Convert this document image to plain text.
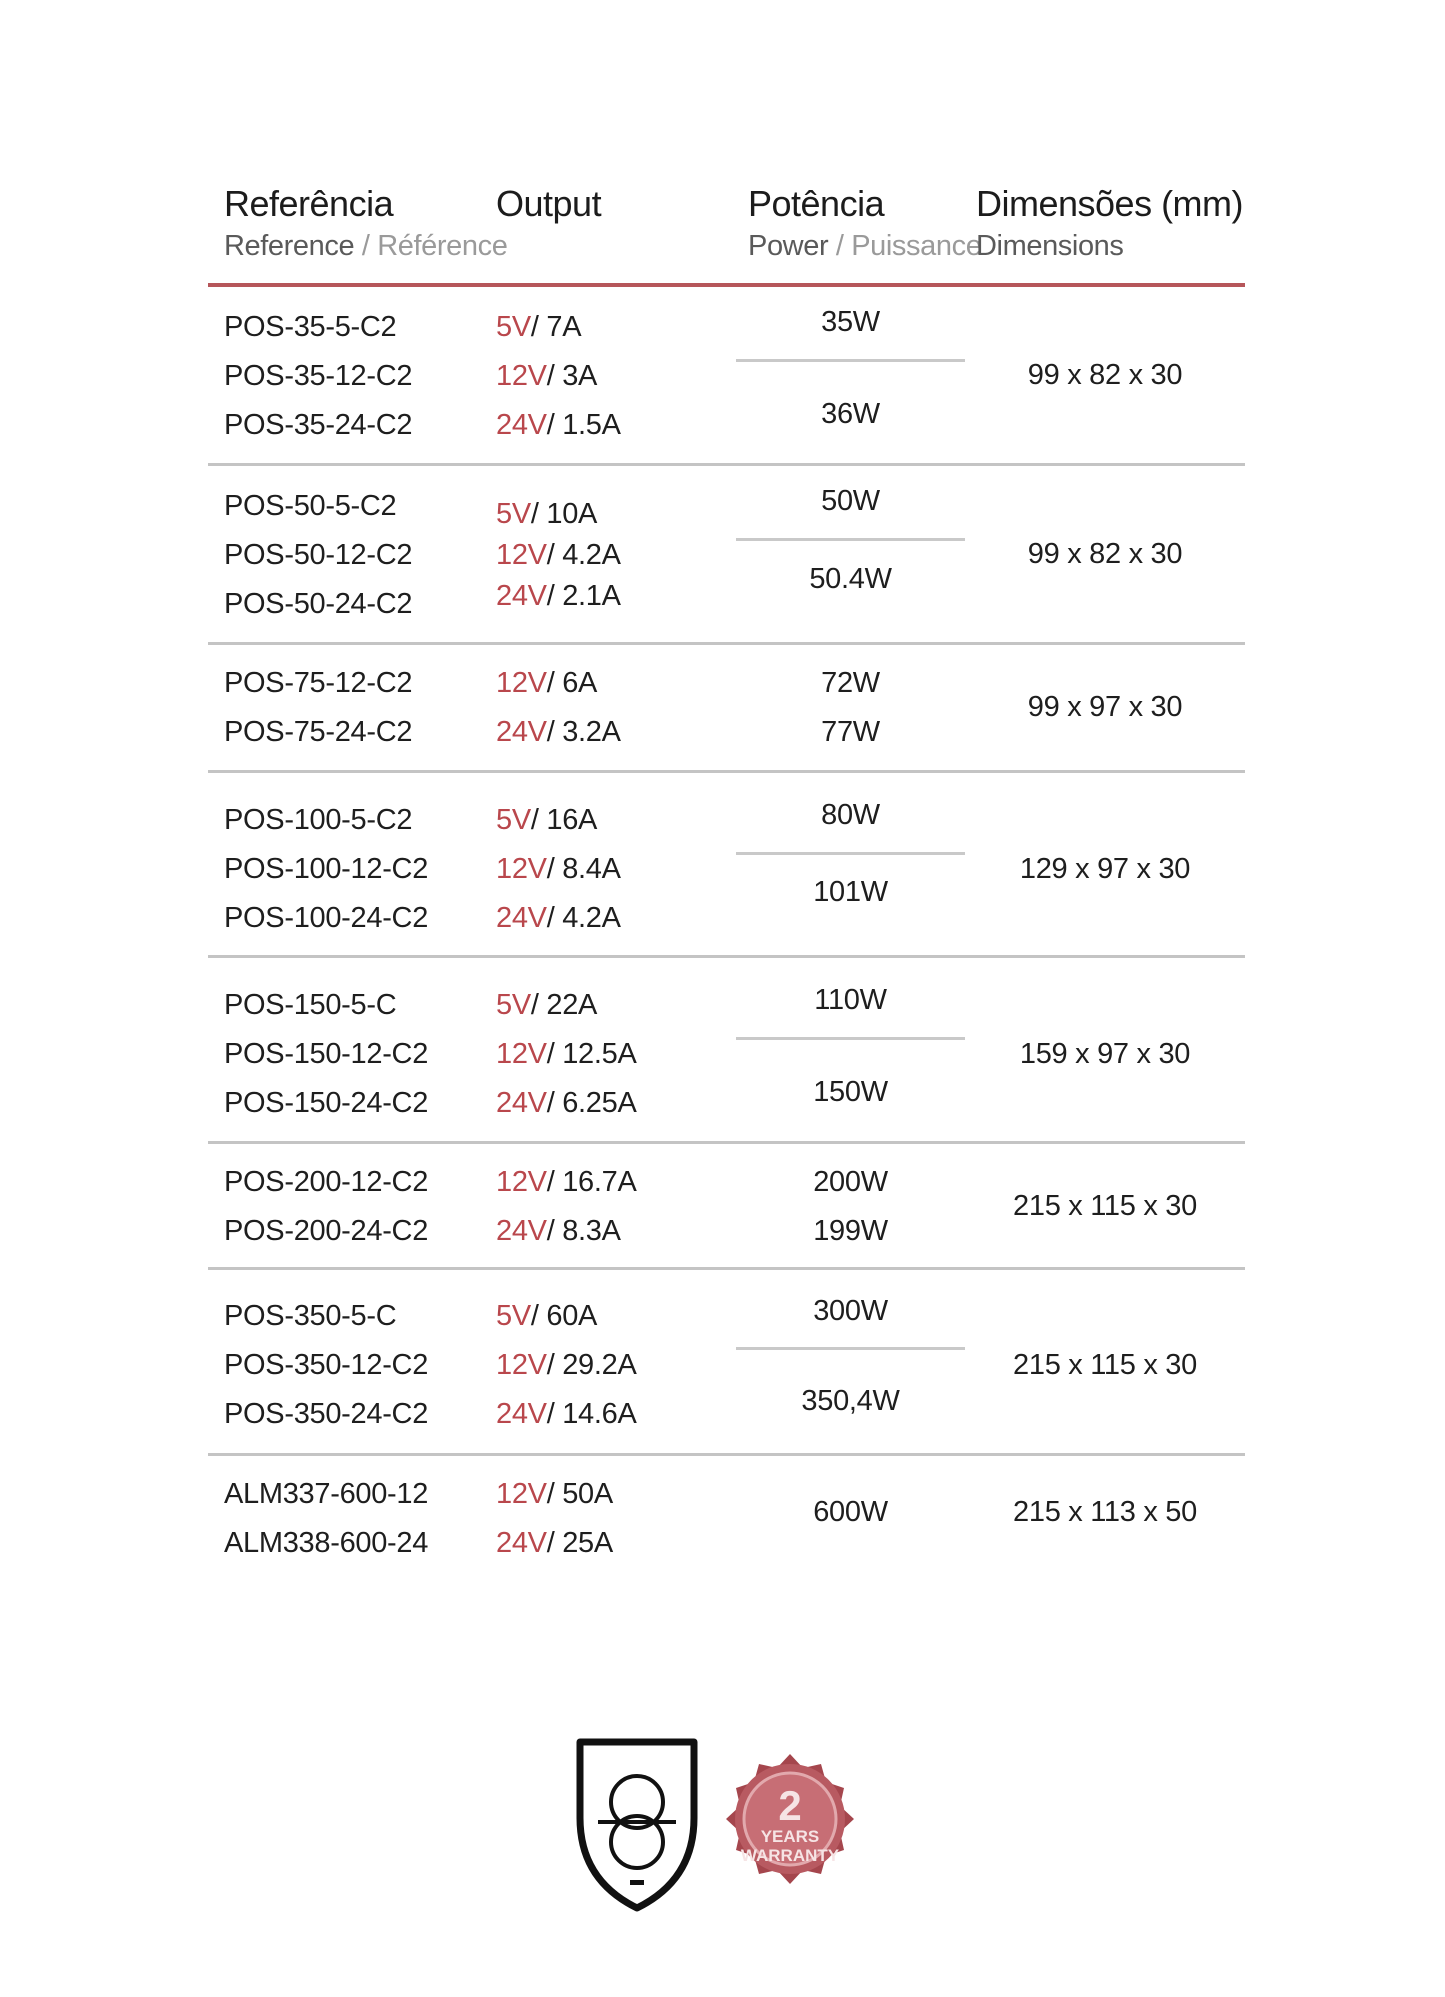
Referência
Reference / Référence
Output	Potência
Power / Puissance
Dimensões (mm)
Dimensions
POS-35-5-C2
POS-35-12-C2
POS-35-24-C2
5V/ 7A
12V/ 3A
24V/ 1.5A
35W
36W
99 x 82 x 30
POS-50-5-C2
POS-50-12-C2
POS-50-24-C2
5V/ 10A
12V/ 4.2A
24V/ 2.1A
50W
50.4W
99 x 82 x 30
POS-75-12-C2
POS-75-24-C2
12V/ 6A
24V/ 3.2A
72W
77W
99 x 97 x 30
POS-100-5-C2
POS-100-12-C2
POS-100-24-C2
5V/ 16A
12V/ 8.4A
24V/ 4.2A
80W
101W
129 x 97 x 30
POS-150-5-C
POS-150-12-C2
POS-150-24-C2
5V/ 22A
12V/ 12.5A
24V/ 6.25A
110W
150W
159 x 97 x 30
POS-200-12-C2
POS-200-24-C2
12V/ 16.7A
24V/ 8.3A
200W
199W
215 x 115 x 30
POS-350-5-C
POS-350-12-C2
POS-350-24-C2
5V/ 60A
12V/ 29.2A
24V/ 14.6A
300W
350,4W
215 x 115 x 30
ALM337-600-12
ALM338-600-24
12V/ 50A
24V/ 25A
600W	215 x 113 x 50
2
YEARS
WARRANTY
